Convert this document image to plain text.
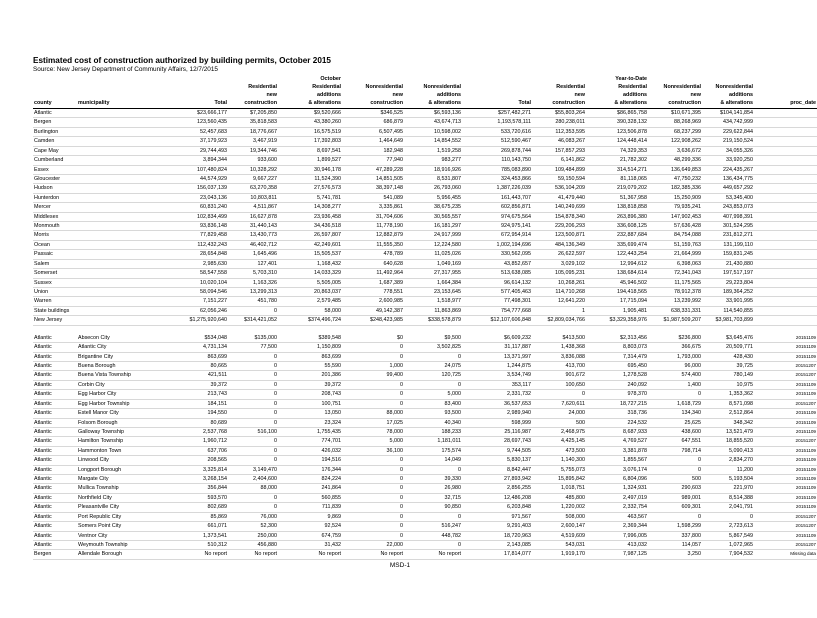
Estimated cost of construction authorized by building permits, October 2015
Source: New Jersey Department of Community Affairs, 12/7/2015
				October					Year-to-Date				
			Residential	Residential	Nonresidential	Nonresidential		Residential	Residential	Nonresidential	Nonresidential		
			new	additions	new	additions		new	additions	new	additions		
county	municipality	Total	construction	& alterations	construction	& alterations	Total	construction	& alterations	construction	& alterations		proc_date
Atlantic		$23,666,177	$7,205,850	$9,520,666	$346,525	$6,593,136	$257,482,271	$55,803,264	$86,865,758	$10,671,395	$104,141,854		
Bergen		123,560,435	35,818,583	43,380,260	686,879	43,674,713	1,193,578,111	280,238,011	390,328,132	88,268,969	434,742,999		
Burlington		52,457,683	18,776,667	16,575,519	6,507,495	10,598,002	533,720,616	112,353,595	123,506,878	68,237,299	229,622,844		
Camden		37,179,923	3,467,919	17,392,803	1,464,649	14,854,552	512,590,467	46,083,267	124,448,414	122,908,262	219,150,524		
Cape May		29,744,493	19,344,746	8,697,541	182,948	1,519,258	269,878,744	157,857,293	74,329,353	3,636,672	34,055,326		
Cumberland		3,894,344	933,600	1,899,527	77,940	983,277	110,143,750	6,141,862	21,782,302	48,299,336	33,920,250		
Essex		107,480,824	10,328,292	30,946,178	47,289,228	18,916,926	785,083,890	109,484,899	314,514,271	136,649,853	224,435,267		
Gloucester		44,574,929	9,667,227	11,524,390	14,851,505	8,531,807	324,453,866	59,150,594	81,118,065	47,750,232	136,434,775		
Hudson		156,037,139	63,270,358	27,576,573	38,397,148	26,793,060	1,387,226,039	536,104,209	219,079,202	182,385,336	449,657,292		
Hunterdon		23,043,136	10,803,811	5,741,781	541,089	5,956,455	161,443,707	41,479,440	51,367,958	15,250,909	53,345,400		
Mercer		60,831,240	4,511,867	14,308,277	3,335,861	38,675,235	602,856,871	140,249,699	138,818,858	79,935,241	243,853,073		
Middlesex		102,834,499	16,627,878	23,936,458	31,704,606	30,565,557	974,675,564	154,878,340	263,896,380	147,902,453	407,998,391		
Monmouth		93,836,148	31,440,143	34,436,518	11,778,190	16,181,297	924,975,141	229,206,293	336,608,125	57,636,428	301,524,295		
Morris		77,829,458	13,430,773	26,597,807	12,882,879	24,917,999	672,954,914	123,500,871	232,887,684	84,754,088	231,812,271		
Ocean		112,432,243	46,402,712	42,249,601	11,555,350	12,224,580	1,002,194,696	484,136,349	335,699,474	51,159,763	131,199,110		
Passaic		28,654,848	1,645,496	15,505,537	478,789	11,025,026	330,562,095	26,622,597	122,443,254	21,664,999	159,831,245		
Salem		2,985,630	127,401	1,168,432	640,628	1,049,169	43,852,657	3,029,102	12,994,612	6,398,063	21,430,880		
Somerset		58,547,558	5,703,310	14,033,329	11,492,964	27,317,955	513,638,085	105,095,231	138,684,614	72,341,043	197,517,197		
Sussex		10,020,104	1,163,326	5,505,005	1,687,389	1,664,384	96,614,132	10,268,261	45,946,502	11,175,565	29,223,804		
Union		58,094,546	13,299,313	20,863,037	778,551	23,153,645	577,405,463	114,710,268	194,418,565	78,912,378	189,364,252		
Warren		7,151,227	451,780	2,579,485	2,600,985	1,518,977	77,498,301	12,641,220	17,715,094	13,239,992	33,901,995		
State buildings		62,056,246	0	58,000	49,142,387	11,863,869	754,777,668	1	1,905,481	638,331,331	114,540,855		
New Jersey		$1,275,920,640	$314,421,052	$374,496,724	$248,423,985	$338,578,879	$12,107,606,848	$2,809,034,766	$3,329,358,976	$1,987,509,207	$3,981,703,899		

Atlantic	Absecon City	$534,048	$135,000	$389,548	$0	$9,500	$6,609,232	$413,500	$2,313,456	$236,800	$3,645,476		20151109
Atlantic	Atlantic City	4,731,134	77,500	1,150,809	0	3,502,825	31,117,887	1,438,368	8,803,073	366,675	20,509,771		20151109
Atlantic	Brigantine City	863,699	0	863,699	0	0	13,371,997	3,836,088	7,314,479	1,793,000	428,430		20151109
Atlantic	Buena Borough	80,665	0	55,590	1,000	24,075	1,244,875	413,700	695,450	96,000	39,725		20151207
Atlantic	Buena Vista Township	421,511	0	201,386	99,400	120,725	3,534,749	901,672	1,278,528	574,400	780,149		20151207
Atlantic	Corbin City	39,372	0	39,372	0	0	353,117	100,650	240,092	1,400	10,975		20151109
Atlantic	Egg Harbor City	213,743	0	208,743	0	5,000	2,331,732	0	978,370	0	1,353,362		20151109
Atlantic	Egg Harbor Township	184,151	0	100,751	0	83,400	36,537,653	7,620,611	18,727,215	1,618,729	8,571,098		20151207
Atlantic	Estell Manor City	194,550	0	13,050	88,000	93,500	2,989,940	24,000	318,736	134,340	2,512,864		20151109
Atlantic	Folsom Borough	80,689	0	23,324	17,025	40,340	598,999	500	224,532	25,625	348,342		20151109
Atlantic	Galloway Township	2,537,768	516,100	1,755,435	78,000	188,233	25,116,987	2,468,975	8,687,933	438,600	13,521,479		20151109
Atlantic	Hamilton Township	1,960,712	0	774,701	5,000	1,181,011	28,697,743	4,425,145	4,769,527	647,551	18,855,520		20151207
Atlantic	Hammonton Town	637,706	0	426,032	36,100	175,574	9,744,505	473,500	3,381,878	798,714	5,090,413		20151109
Atlantic	Linwood City	208,565	0	194,516	0	14,049	5,830,137	1,140,300	1,855,567	0	2,834,270		20151109
Atlantic	Longport Borough	3,325,814	3,149,470	176,344	0	0	8,842,447	5,755,073	3,076,174	0	11,200		20151109
Atlantic	Margate City	3,268,154	2,404,600	824,224	0	39,330	27,893,942	15,895,842	6,804,096	500	5,193,504		20151109
Atlantic	Mullica Township	356,844	88,000	241,864	0	26,980	2,856,255	1,018,751	1,324,931	290,603	221,970		20151109
Atlantic	Northfield City	593,570	0	560,855	0	32,715	12,486,208	485,800	2,497,019	989,001	8,514,388		20151109
Atlantic	Pleasantville City	802,689	0	711,839	0	90,850	6,203,848	1,220,002	2,332,754	609,301	2,041,791		20151109
Atlantic	Port Republic City	85,869	76,000	9,869	0	0	971,567	508,000	463,567	0	0		20151207
Atlantic	Somers Point City	661,071	52,300	92,524	0	516,247	9,291,403	2,600,147	2,369,344	1,598,299	2,723,613		20151207
Atlantic	Ventnor City	1,373,541	250,000	674,759	0	448,782	18,720,963	4,519,609	7,996,005	337,800	5,867,549		20151109
Atlantic	Weymouth Township	510,312	456,880	31,432	22,000	0	2,143,085	543,031	413,032	114,057	1,072,965		20151207
Bergen	Allendale Borough	No report	No report	No report	No report	No report	17,814,077	1,919,170	7,987,125	3,250	7,904,532		Missing data
MSD-1
